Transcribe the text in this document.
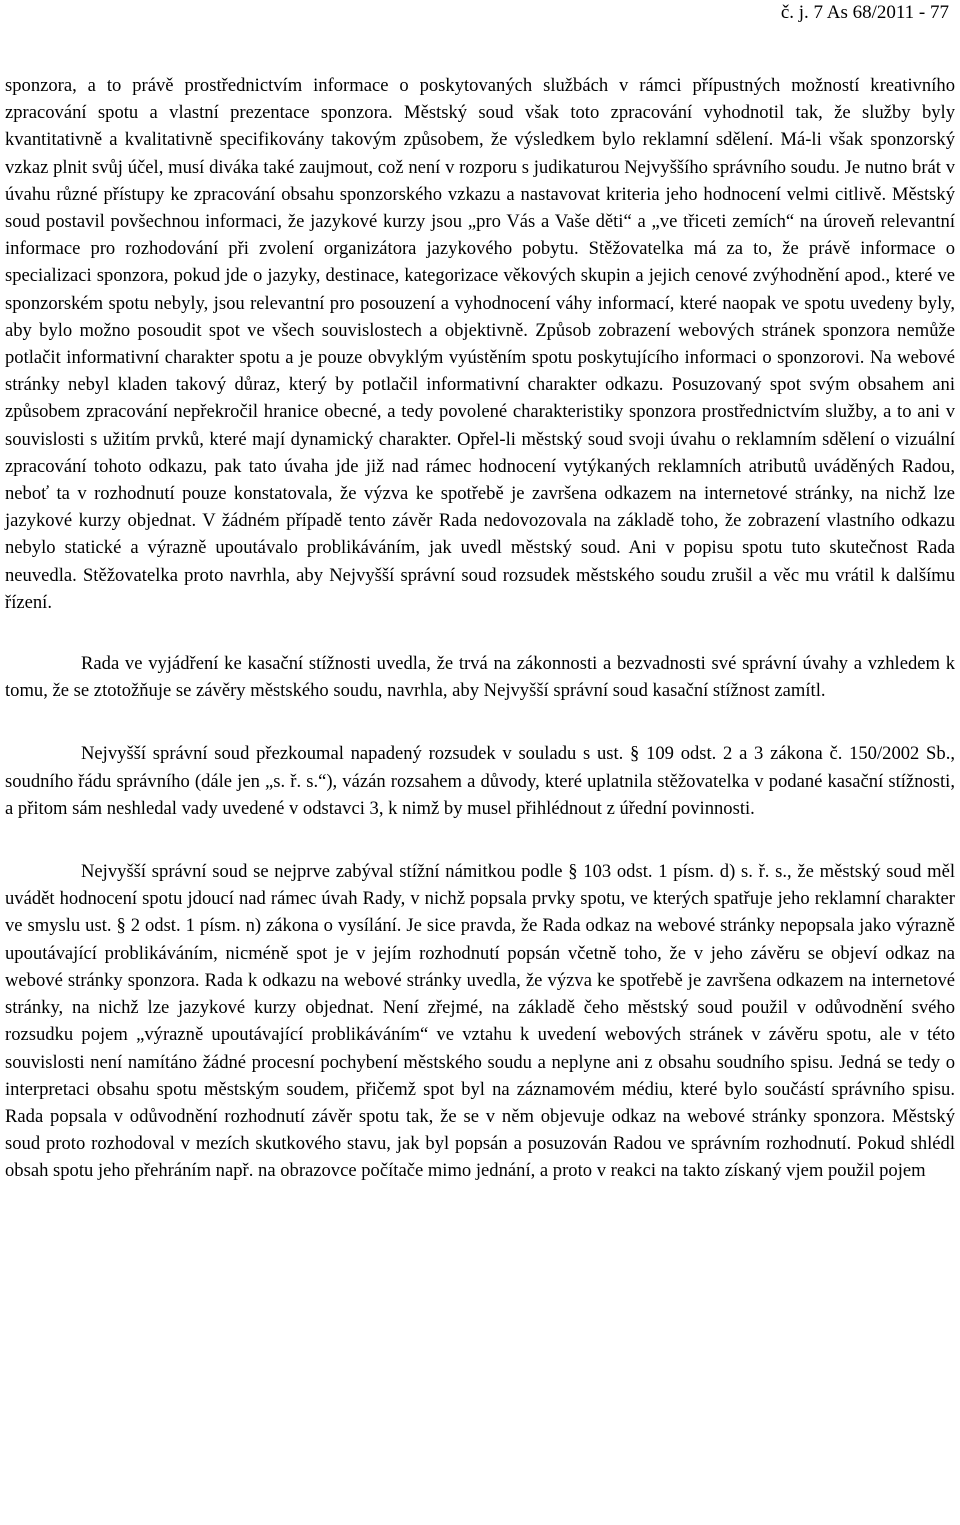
č. j. 7 As 68/2011 - 77

sponzora, a to právě prostřednictvím informace o poskytovaných službách v rámci přípustných možností kreativního zpracování spotu a vlastní prezentace sponzora. Městský soud však toto zpracování vyhodnotil tak, že služby byly kvantitativně a kvalitativně specifikovány takovým způsobem, že výsledkem bylo reklamní sdělení. Má-li však sponzorský vzkaz plnit svůj účel, musí diváka také zaujmout, což není v rozporu s judikaturou Nejvyššího správního soudu. Je nutno brát v úvahu různé přístupy ke zpracování obsahu sponzorského vzkazu a nastavovat kriteria jeho hodnocení velmi citlivě. Městský soud postavil povšechnou informaci, že jazykové kurzy jsou „pro Vás a Vaše děti“ a „ve třiceti zemích“ na úroveň relevantní informace pro rozhodování při zvolení organizátora jazykového pobytu. Stěžovatelka má za to, že právě informace o specializaci sponzora, pokud jde o jazyky, destinace, kategorizace věkových skupin a jejich cenové zvýhodnění apod., které ve sponzorském spotu nebyly, jsou relevantní pro posouzení a vyhodnocení váhy informací, které naopak ve spotu uvedeny byly, aby bylo možno posoudit spot ve všech souvislostech a objektivně. Způsob zobrazení webových stránek sponzora nemůže potlačit informativní charakter spotu a je pouze obvyklým vyústěním spotu poskytujícího informaci o sponzorovi. Na webové stránky nebyl kladen takový důraz, který by potlačil informativní charakter odkazu. Posuzovaný spot svým obsahem ani způsobem zpracování nepřekročil hranice obecné, a tedy povolené charakteristiky sponzora prostřednictvím služby, a to ani v souvislosti s užitím prvků, které mají dynamický charakter. Opřel-li městský soud svoji úvahu o reklamním sdělení o vizuální zpracování tohoto odkazu, pak tato úvaha jde již nad rámec hodnocení vytýkaných reklamních atributů uváděných Radou, neboť ta v rozhodnutí pouze konstatovala, že výzva ke spotřebě je završena odkazem na internetové stránky, na nichž lze jazykové kurzy objednat. V žádném případě tento závěr Rada nedovozovala na základě toho, že zobrazení vlastního odkazu nebylo statické a výrazně upoutávalo problikáváním, jak uvedl městský soud. Ani v popisu spotu tuto skutečnost Rada neuvedla. Stěžovatelka proto navrhla, aby Nejvyšší správní soud rozsudek městského soudu zrušil a věc mu vrátil k dalšímu řízení.

Rada ve vyjádření ke kasační stížnosti uvedla, že trvá na zákonnosti a bezvadnosti své správní úvahy a vzhledem k tomu, že se ztotožňuje se závěry městského soudu, navrhla, aby Nejvyšší správní soud kasační stížnost zamítl.

Nejvyšší správní soud přezkoumal napadený rozsudek v souladu s ust. § 109 odst. 2 a 3 zákona č. 150/2002 Sb., soudního řádu správního (dále jen „s. ř. s.“), vázán rozsahem a důvody, které uplatnila stěžovatelka v podané kasační stížnosti, a přitom sám neshledal vady uvedené v odstavci 3, k nimž by musel přihlédnout z úřední povinnosti.

Nejvyšší správní soud se nejprve zabýval stížní námitkou podle § 103 odst. 1 písm. d) s. ř. s., že městský soud měl uvádět hodnocení spotu jdoucí nad rámec úvah Rady, v nichž popsala prvky spotu, ve kterých spatřuje jeho reklamní charakter ve smyslu ust. § 2 odst. 1 písm. n) zákona o vysílání. Je sice pravda, že Rada odkaz na webové stránky nepopsala jako výrazně upoutávající problikáváním, nicméně spot je v jejím rozhodnutí popsán včetně toho, že v jeho závěru se objeví odkaz na webové stránky sponzora. Rada k odkazu na webové stránky uvedla, že výzva ke spotřebě je završena odkazem na internetové stránky, na nichž lze jazykové kurzy objednat. Není zřejmé, na základě čeho městský soud použil v odůvodnění svého rozsudku pojem „výrazně upoutávající problikáváním“ ve vztahu k uvedení webových stránek v závěru spotu, ale v této souvislosti není namítáno žádné procesní pochybení městského soudu a neplyne ani z obsahu soudního spisu. Jedná se tedy o interpretaci obsahu spotu městským soudem, přičemž spot byl na záznamovém médiu, které bylo součástí správního spisu. Rada popsala v odůvodnění rozhodnutí závěr spotu tak, že se v něm objevuje odkaz na webové stránky sponzora. Městský soud proto rozhodoval v mezích skutkového stavu, jak byl popsán a posuzován Radou ve správním rozhodnutí. Pokud shlédl obsah spotu jeho přehráním např. na obrazovce počítače mimo jednání, a proto v reakci na takto získaný vjem použil pojem
